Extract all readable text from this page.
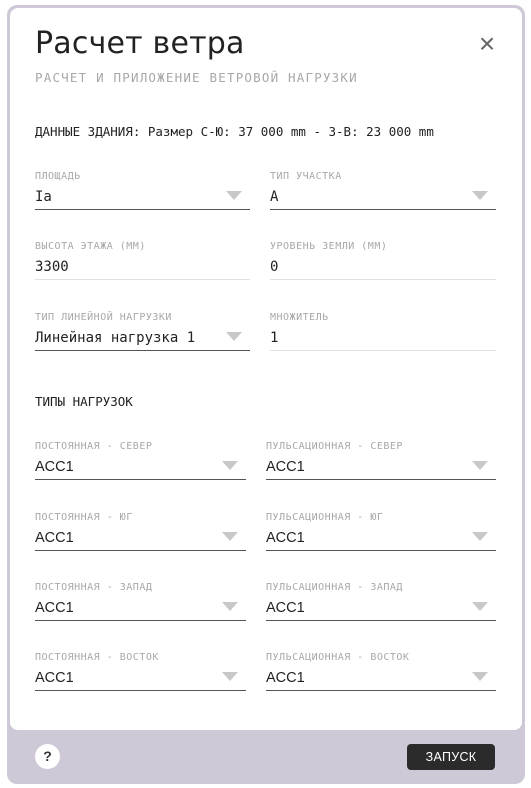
Расчет ветра	×
РАСЧЕТ И ПРИЛОЖЕНИЕ ВЕТРОВОЙ НАГРУЗКИ
ДАННЫЕ ЗДАНИЯ: Размер С-Ю: 37 000 mm - З-В: 23 000 mm
ПЛОЩАДЬ
Ia
ТИП УЧАСТКА
A
ВЫСОТА ЭТАЖА (ММ)
3300
УРОВЕНЬ ЗЕМЛИ (ММ)
0
ТИП ЛИНЕЙНОЙ НАГРУЗКИ
Линейная нагрузка 1
МНОЖИТЕЛЬ
1
ТИПЫ НАГРУЗОК
ПОСТОЯННАЯ - СЕВЕР
ACC1
ПУЛЬСАЦИОННАЯ - СЕВЕР
ACC1
ПОСТОЯННАЯ - ЮГ
ACC1
ПУЛЬСАЦИОННАЯ - ЮГ
ACC1
ПОСТОЯННАЯ - ЗАПАД
ACC1
ПУЛЬСАЦИОННАЯ - ЗАПАД
ACC1
ПОСТОЯННАЯ - ВОСТОК
ACC1
ПУЛЬСАЦИОННАЯ - ВОСТОК
ACC1
?	ЗАПУСК
